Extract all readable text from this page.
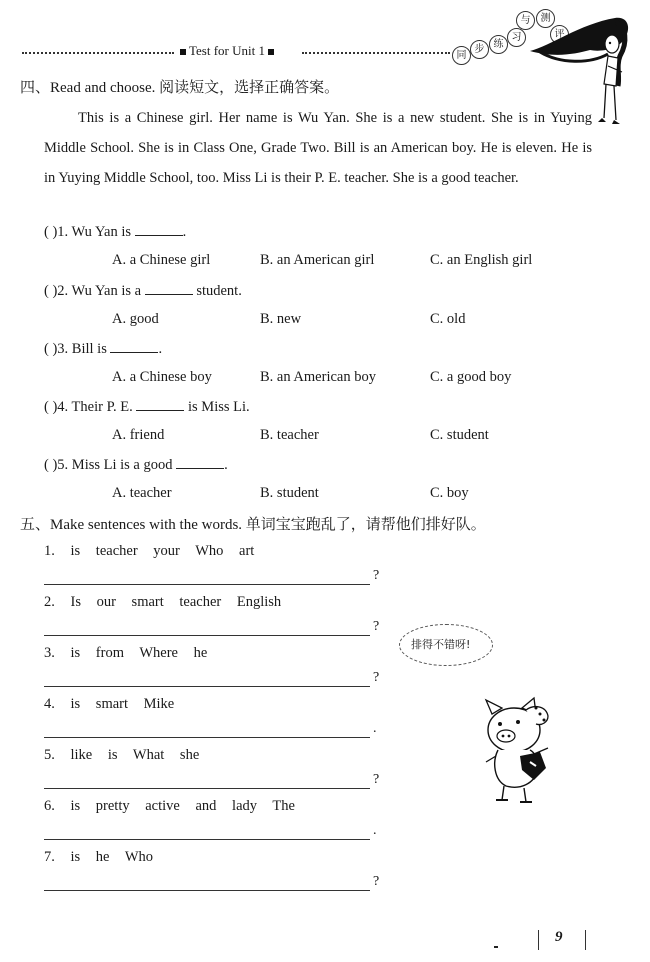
Test for Unit 1	同
步 练
习
与	测
评
四、Read and choose. 阅读短文，选择正确答案。

This is a Chinese girl. Her name is Wu Yan. She is a new student. She is in Yuying Middle School. She is in Class One, Grade Two. Bill is an American boy. He is eleven. He is in Yuying Middle School, too. Miss Li is their P. E. teacher. She is a good teacher.

( )1. Wu Yan is	.
A. a Chinese girl	B. an American girl	C. an English girl
( )2. Wu Yan is a	student.
A. good	B. new	C. old
( )3. Bill is	.
A. a Chinese boy	B. an American boy	C. a good boy
( )4. Their P. E.	is Miss Li.
A. friend	B. teacher	C. student
( )5. Miss Li is a good	.
A. teacher	B. student	C. boy
五、Make sentences with the words. 单词宝宝跑乱了，请帮他们排好队。
1. is teacher your Who art
?
2. Is our smart teacher English
?
3. is from Where he
?
4. is smart Mike
.
5. like is What she
?
6. is pretty active and lady The
.
7. is he Who
?
排得不错呀!
9
